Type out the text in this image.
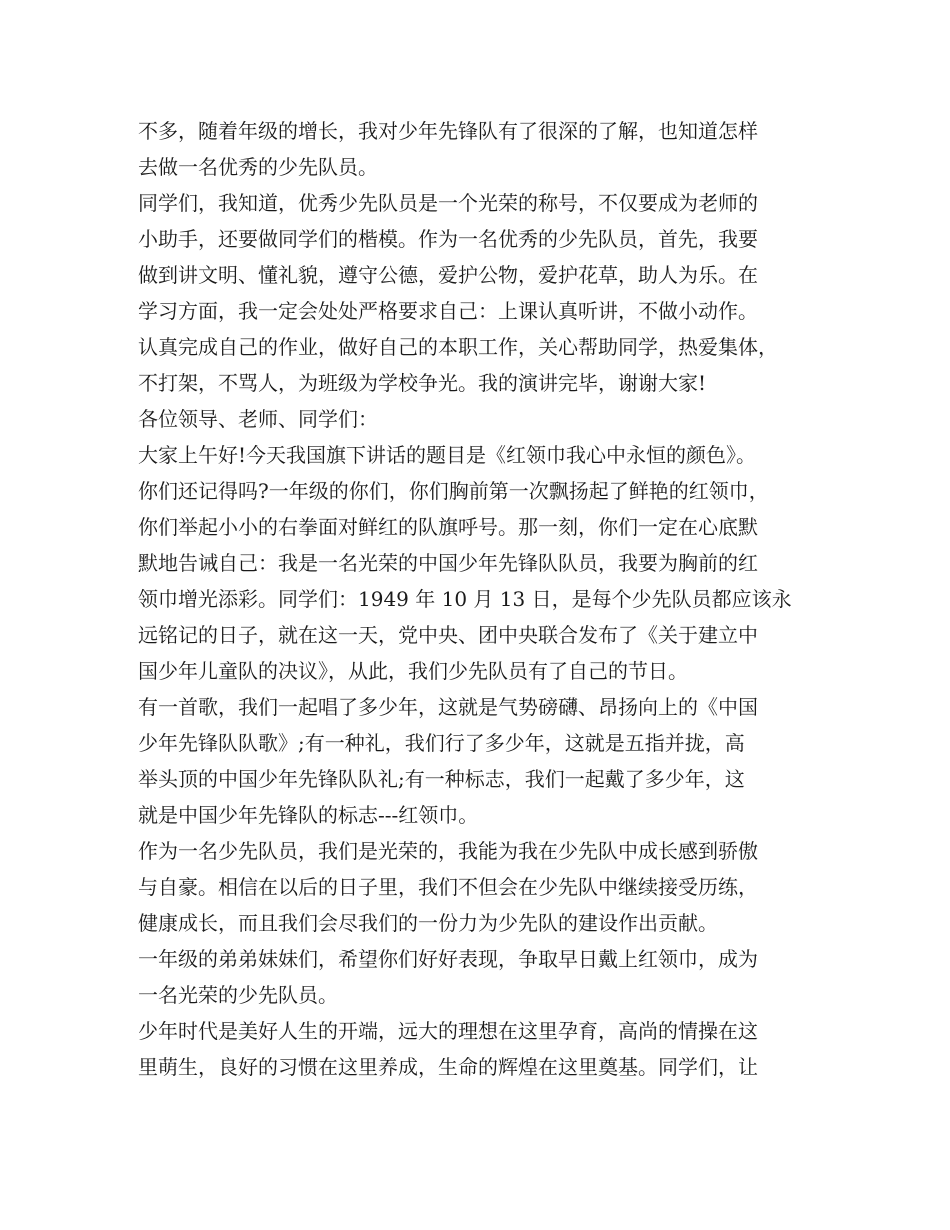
不多，随着年级的增长，我对少年先锋队有了很深的了解，也知道怎样
去做一名优秀的少先队员。
同学们，我知道，优秀少先队员是一个光荣的称号，不仅要成为老师的
小助手，还要做同学们的楷模。作为一名优秀的少先队员，首先，我要
做到讲文明、懂礼貌，遵守公德，爱护公物，爱护花草，助人为乐。在
学习方面，我一定会处处严格要求自己：上课认真听讲，不做小动作。
认真完成自己的作业，做好自己的本职工作，关心帮助同学，热爱集体，
不打架，不骂人，为班级为学校争光。我的演讲完毕，谢谢大家!
各位领导、老师、同学们：
大家上午好!今天我国旗下讲话的题目是《红领巾我心中永恒的颜色》。
你们还记得吗?一年级的你们，你们胸前第一次飘扬起了鲜艳的红领巾，
你们举起小小的右拳面对鲜红的队旗呼号。那一刻，你们一定在心底默
默地告诫自己：我是一名光荣的中国少年先锋队队员，我要为胸前的红
领巾增光添彩。同学们：1949 年 10 月 13 日，是每个少先队员都应该永
远铭记的日子，就在这一天，党中央、团中央联合发布了《关于建立中
国少年儿童队的决议》，从此，我们少先队员有了自己的节日。
有一首歌，我们一起唱了多少年，这就是气势磅礴、昂扬向上的《中国
少年先锋队队歌》;有一种礼，我们行了多少年，这就是五指并拢，高
举头顶的中国少年先锋队队礼;有一种标志，我们一起戴了多少年，这
就是中国少年先锋队的标志---红领巾。
作为一名少先队员，我们是光荣的，我能为我在少先队中成长感到骄傲
与自豪。相信在以后的日子里，我们不但会在少先队中继续接受历练，
健康成长，而且我们会尽我们的一份力为少先队的建设作出贡献。
一年级的弟弟妹妹们，希望你们好好表现，争取早日戴上红领巾，成为
一名光荣的少先队员。
少年时代是美好人生的开端，远大的理想在这里孕育，高尚的情操在这
里萌生，良好的习惯在这里养成，生命的辉煌在这里奠基。同学们，让
